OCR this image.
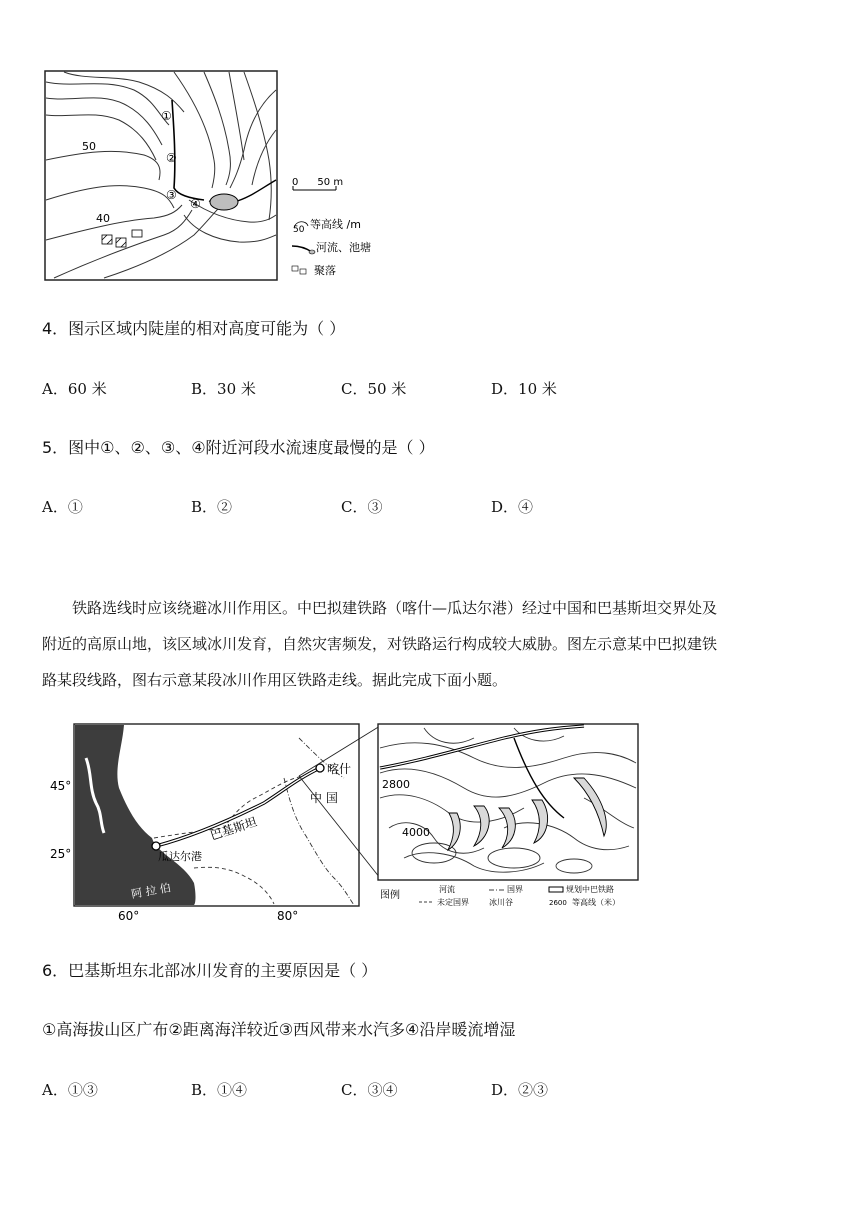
50
40
①
②
③
④
0      50 m
50 等高线 /m
河流、池塘
聚落
4．图示区域内陡崖的相对高度可能为（ ）
A．60 米	B．30 米	C．50 米	D．10 米
5．图中①、②、③、④附近河段水流速度最慢的是（ ）
A．①	B．②	C．③	D．④
铁路选线时应该绕避冰川作用区。中巴拟建铁路（喀什—瓜达尔港）经过中国和巴基斯坦交界处及
附近的高原山地，该区域冰川发育，自然灾害频发，对铁路运行构成较大威胁。图左示意某中巴拟建铁
路某段线路，图右示意某段冰川作用区铁路走线。据此完成下面小题。
45°
25°
60°	80°
喀什
中 国
巴基斯坦
瓜达尔港
阿 拉 伯
2800
4000
图例
河流
未定国界
国界
冰川谷
规划中巴铁路
2600 等高线（米）
6．巴基斯坦东北部冰川发育的主要原因是（ ）
①高海拔山区广布②距离海洋较近③西风带来水汽多④沿岸暖流增湿
A．①③	B．①④	C．③④	D．②③
